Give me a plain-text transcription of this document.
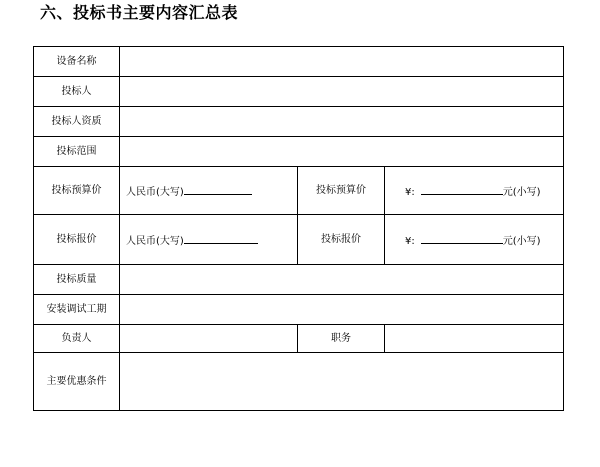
六、投标书主要内容汇总表
设备名称			
投标人			
投标人资质			
投标范围			
投标预算价	人民币(大写)	投标预算价	¥: 元(小写)
投标报价	人民币(大写)	投标报价	¥: 元(小写)
投标质量			
安装调试工期			
负责人		职务	
主要优惠条件			
